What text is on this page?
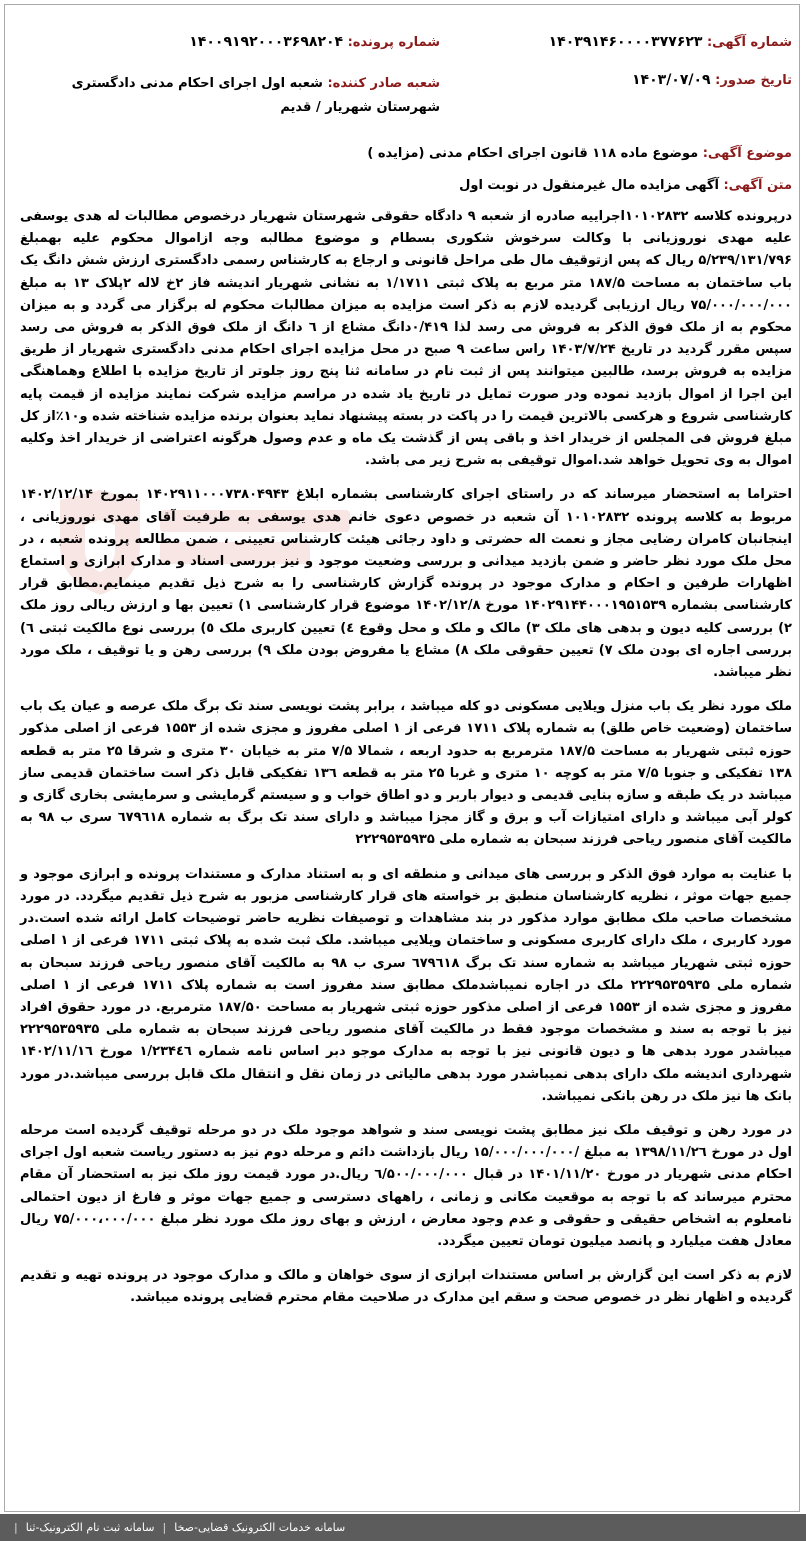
شماره آگهی: ۱۴۰۳۹۱۴۶۰۰۰۰۳۷۷۶۲۳
شماره پرونده: ۱۴۰۰۹۱۹۲۰۰۰۳۶۹۸۲۰۴
تاریخ صدور: ۱۴۰۳/۰۷/۰۹
شعبه صادر کننده: شعبه اول اجرای احکام مدنی دادگستری شهرستان شهریار / قدیم
موضوع آگهی: موضوع ماده ۱۱۸ قانون اجرای احکام مدنی (مزایده )
متن آگهی: آگهی مزایده مال غیرمنقول در نوبت اول

درپرونده کلاسه ۱۰۱۰۲۸۳۲اجراییه صادره از شعبه ۹ دادگاه حقوقی شهرستان شهریار درخصوص مطالبات له هدی یوسفی علیه مهدی نوروزیانی با وکالت سرخوش شکوری بسطام و موضوع مطالبه وجه ازاموال محکوم علیه بهمبلغ ۵/۲۳۹/۱۳۱/۷۹۶ ریال که پس ازتوقیف مال طی مراحل قانونی و ارجاع به کارشناس رسمی دادگستری ارزش شش دانگ یک باب ساختمان به مساحت ۱۸۷/۵ متر مربع به پلاک ثبتی ۱/۱۷۱۱ به نشانی شهریار اندیشه فاز ۲خ لاله ۲پلاک ۱۳ به مبلغ ۷۵/۰۰۰/۰۰۰/۰۰۰ ریال ارزیابی گردیده لازم به ذکر است مزایده به میزان مطالبات محکوم له برگزار می گردد و به میزان محکوم به از ملک فوق الذکر به فروش می رسد لذا ۰/۴۱۹دانگ مشاع از ٦ دانگ از ملک فوق الذکر به فروش می رسد سپس مقرر گردید در تاریخ ۱۴۰۳/۷/۲۴ راس ساعت ۹ صبح در محل مزایده اجرای احکام مدنی دادگستری شهریار از طریق مزایده به فروش برسد، طالبین میتوانند پس از ثبت نام در سامانه ثنا پنج روز جلوتر از تاریخ مزایده با اطلاع وهماهنگی این اجرا از اموال بازدید نموده ودر صورت تمایل در تاریخ یاد شده در مراسم مزایده شرکت نمایند مزایده از قیمت پایه کارشناسی شروع و هرکسی بالاترین قیمت را در پاکت در بسته پیشنهاد نماید بعنوان برنده مزایده شناخته شده و۱۰٪از کل مبلغ فروش فی المجلس از خریدار اخذ و باقی پس از گذشت یک ماه و عدم وصول هرگونه اعتراضی از خریدار اخذ وکلیه اموال به وی تحویل خواهد شد.اموال توقیفی به شرح زیر می باشد.

احتراما به استحضار میرساند که در راستای اجرای کارشناسی بشماره ابلاغ ۱۴۰۲۹۱۱۰۰۰۷۳۸۰۴۹۴۳ بمورخ ۱۴۰۲/۱۲/۱۴ مربوط به کلاسه پرونده ۱۰۱۰۲۸۳۲ آن شعبه در خصوص دعوی خانم هدی یوسفی به طرفیت آقای مهدی نوروزیانی ، اینجانبان کامران رضایی مجاز و نعمت اله حضرتی و داود رجائی هیئت کارشناس تعیینی ، ضمن مطالعه پرونده شعبه ، در محل ملک مورد نظر حاضر و ضمن بازدید میدانی و بررسی وضعیت موجود و نیز بررسی اسناد و مدارک ابرازی و استماع اظهارات طرفین و احکام و مدارک موجود در پرونده گزارش کارشناسی را به شرح ذیل تقدیم مینمایم.مطابق قرار کارشناسی بشماره ۱۴۰۲۹۱۴۴۰۰۰۱۹۵۱۵۳۹ مورخ ۱۴۰۲/۱۲/۸ موضوع قرار کارشناسی ۱) تعیین بها و ارزش ریالی روز ملک ۲) بررسی کلیه دیون و بدهی های ملک ۳) مالک و ملک و محل وقوع ٤) تعیین کاربری ملک ٥) بررسی نوع مالکیت ثبتی ٦) بررسی اجاره ای بودن ملک ۷) تعیین حقوقی ملک ۸) مشاع یا مفروض بودن ملک ۹) بررسی رهن و یا توقیف ، ملک مورد نظر میباشد.

ملک مورد نظر یک باب منزل ویلایی مسکونی دو کله میباشد ، برابر پشت نویسی سند تک برگ ملک عرصه و عیان یک باب ساختمان (وضعیت خاص طلق) به شماره پلاک ۱۷۱۱ فرعی از ۱ اصلی مفروز و مجزی شده از ۱۵۵۳ فرعی از اصلی مذکور حوزه ثبتی شهریار به مساحت ۱۸۷/۵ مترمربع به حدود اربعه ، شمالا ۷/۵ متر به خیابان ۳۰ متری و شرقا ۲۵ متر به قطعه ۱۳۸ تفکیکی و جنوبا ۷/۵ متر به کوچه ۱۰ متری و غربا ۲۵ متر به قطعه ۱۳٦ تفکیکی قابل ذکر است ساختمان قدیمی ساز میباشد در یک طبقه و سازه بنایی قدیمی و دیوار باربر و دو اطاق خواب و و سیستم گرمایشی و سرمایشی بخاری گازی و کولر آبی میباشد و دارای امتیازات آب و برق و گاز مجزا میباشد و دارای سند تک برگ به شماره ٦۷۹٦۱۸ سری ب ۹۸ به مالکیت آقای منصور ریاحی فرزند سبحان به شماره ملی ۲۲۲۹۵۳۵۹۳۵

با عنایت به موارد فوق الذکر و بررسی های میدانی و منطقه ای و به استناد مدارک و مستندات پرونده و ابرازی موجود و جمیع جهات موثر ، نظریه کارشناسان منطبق بر خواسته های قرار کارشناسی مزبور به شرح ذیل تقدیم میگردد. در مورد مشخصات صاحب ملک مطابق موارد مذکور در بند مشاهدات و توصیفات نظریه حاضر توضیحات کامل ارائه شده است.در مورد کاربری ، ملک دارای کاربری مسکونی و ساختمان ویلایی میباشد. ملک ثبت شده به پلاک ثبتی ۱۷۱۱ فرعی از ۱ اصلی حوزه ثبتی شهریار میباشد به شماره سند تک برگ ٦۷۹٦۱۸ سری ب ۹۸ به مالکیت آقای منصور ریاحی فرزند سبحان به شماره ملی ۲۲۲۹۵۳۵۹۳۵ ملک در اجاره نمیباشدملک مطابق سند مفروز است به شماره پلاک ۱۷۱۱ فرعی از ۱ اصلی مفروز و مجزی شده از ۱۵۵۳ فرعی از اصلی مذکور حوزه ثبتی شهریار به مساحت ۱۸۷/۵۰ مترمربع. در مورد حقوق افراد نیز با توجه به سند و مشخصات موجود فقط در مالکیت آقای منصور ریاحی فرزند سبحان به شماره ملی ۲۲۲۹۵۳۵۹۳۵ میباشدر مورد بدهی ها و دیون قانونی نیز با توجه به مدارک موجو دبر اساس نامه شماره ۱/۲۳۴٤٦ مورخ ۱۴۰۲/۱۱/۱٦ شهرداری اندیشه ملک دارای بدهی نمیباشدر مورد بدهی مالیاتی در زمان نقل و انتقال ملک قابل بررسی میباشد.در مورد بانک ها نیز ملک در رهن بانکی نمیباشد.

در مورد رهن و توقیف ملک نیز مطابق پشت نویسی سند و شواهد موجود ملک در دو مرحله توقیف گردیده است مرحله اول در مورخ ۱۳۹۸/۱۱/۲٦ به مبلغ /۱۵/۰۰۰/۰۰۰/۰۰۰ ریال بازداشت دائم و مرحله دوم نیز به دستور ریاست شعبه اول اجرای احکام مدنی شهریار در مورخ ۱۴۰۱/۱۱/۲۰ در قبال ٦/۵۰۰/۰۰۰/۰۰۰ ریال.در مورد قیمت روز ملک نیز به استحضار آن مقام محترم میرساند که با توجه به موقعیت مکانی و زمانی ، راههای دسترسی و جمیع جهات موثر و فارغ از دیون احتمالی نامعلوم به اشخاص حقیقی و حقوقی و عدم وجود معارض ، ارزش و بهای روز ملک مورد نظر مبلغ ۷۵/۰۰۰،۰۰۰/۰۰۰ ریال معادل هفت میلیارد و پانصد میلیون تومان تعیین میگردد.

لازم به ذکر است این گزارش بر اساس مستندات ابرازی از سوی خواهان و مالک و مدارک موجود در پرونده تهیه و تقدیم گردیده و اظهار نظر در خصوص صحت و سقم این مدارک در صلاحیت مقام محترم قضایی پرونده میباشد.

سامانه خدمات الکترونیک قضایی-صخا
|
سامانه ثبت نام الکترونیک-ثنا
|
